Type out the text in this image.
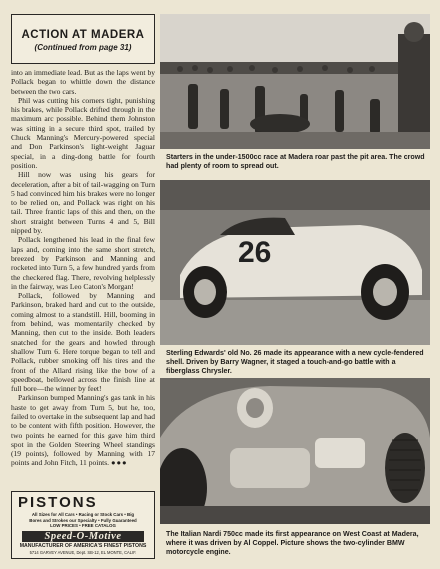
ACTION AT MADERA
(Continued from page 31)

into an immediate lead. But as the laps went by Pollack began to whittle down the distance between the two cars.

Phil was cutting his corners tight, punishing his brakes, while Pollack drifted through in the maximum arc possible. Behind them Johnston was sitting in a secure third spot, trailed by Chuck Manning's Mercury-powered special and Don Parkinson's light-weight Jaguar special, in a ding-dong battle for fourth position.

Hill now was using his gears for deceleration, after a bit of tail-wagging on Turn 5 had convinced him his brakes were no longer to be relied on, and Pollack was right on his tail. Three frantic laps of this and then, on the short straight between Turns 4 and 5, Bill nipped by.

Pollack lengthened his lead in the final few laps and, coming into the same short stretch, breezed by Parkinson and Manning and rocketed into Turn 5, a few hundred yards from the checkered flag. There, revolving helplessly in the fairway, was Leo Caton's Morgan!

Pollack, followed by Manning and Parkinson, braked hard and cut to the outside, coming almost to a standstill. Hill, booming in from behind, was momentarily checked by Manning, then cut to the inside. Both leaders snatched for the gears and howled through shallow Turn 6. Here torque began to tell and Pollack, rubber smoking off his tires and the front of the Allard rising like the bow of a speedboat, bellowed across the finish line at full bore—the winner by feet!

Parkinson bumped Manning's gas tank in his haste to get away from Turn 5, but he, too, failed to overtake in the subsequent lap and had to be content with fifth position. However, the two points he earned for this gave him third spot in the Golden Steering Wheel standings (19 points), followed by Manning with 17 points and John Fitch, 11 points. ●●●

PISTONS
All Sizes for All Cars • Racing or Stock Cars • Big
Bores and Strokes our Specialty • Fully Guaranteed
LOW PRICES • FREE CATALOG
Speed-O-Motive
MANUFACTURER OF AMERICA'S FINEST PISTONS
5714 GARVEY AVENUE, Dept. SB-12, EL MONTE, CALIF.
Starters in the under-1500cc race at Madera roar past the pit area. The crowd had plenty of room to spread out.
26
Sterling Edwards' old No. 26 made its appearance with a new cycle-fendered shell. Driven by Barry Wagner, it staged a touch-and-go battle with a fiberglass Chrysler.
The Italian Nardi 750cc made its first appearance on West Coast at Madera, where it was driven by Al Coppel. Picture shows the two-cylinder BMW motorcycle engine.
